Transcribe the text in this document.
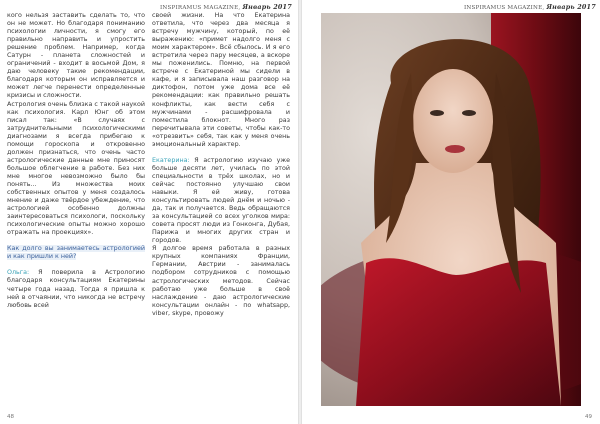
INSPIRAMUS MAGAZINE, Январь 2017

кого нельзя заставить сделать то, что он не может. Но благодаря пониманию психологии личности, я смогу его правильно направить и упростить решение проблем. Например, когда Сатурн - планета сложностей и ограничений - входит в восьмой Дом, я даю человеку такие рекомендации, благодаря которым он исправляется и может легче перенести определенные кризисы и сложности.

Астрология очень близка с такой наукой как психология. Карл Юнг об этом писал так: «В случаях с затруднительными психологическими диагнозами я всегда прибегаю к помощи гороскопа и откровенно должен признаться, что очень часто астрологические данные мне приносят большое облегчение в работе. Без них мне многое невозможно было бы понять... Из множества моих собственных опытов у меня создалось мнение и даже твёрдое убеждение, что астрологией особенно должны заинтересоваться психологи, поскольку психологические опыты можно хорошо отражать на проекциях».

Как долго вы занимаетесь астрологией и как пришли к ней?

Ольга: Я поверила в Астрологию благодаря консультациям Екатерины четыре года назад. Тогда я пришла к ней в отчаянии, что никогда не встречу любовь всей

своей жизни. На что Екатерина ответила, что через два месяца я встречу мужчину, который, по её выражению: «примет надолго меня с моим характером». Всё сбылось. И я его встретила через пару месяцев, а вскоре мы поженились. Помню, на первой встрече с Екатериной мы сидели в кафе, и я записывала наш разговор на диктофон, потом уже дома все её рекомендации: как правильно решать конфликты, как вести себя с мужчинами - расшифровала и поместила блокнот. Много раз перечитывала эти советы, чтобы как-то «отрезвить» себя, так как у меня очень эмоциональный характер.

Екатерина: Я астрологию изучаю уже больше десяти лет, училась по этой специальности в трёх школах, но и сейчас постоянно улучшаю свои навыки. Я ей живу, готова консультировать людей днём и ночью - да, так и получается. Ведь обращаются за консультацией со всех уголков мира: совета просят люди из Гонконга, Дубая, Парижа и многих других стран и городов.

Я долгое время работала в разных крупных компаниях Франции, Германии, Австрии - занималась подбором сотрудников с помощью астрологических методов. Сейчас работаю уже больше в своё наслаждение - даю астрологические консультации онлайн - по whatsapp, viber, skype, провожу

48
INSPIRAMUS MAGAZINE, Январь 2017
49
